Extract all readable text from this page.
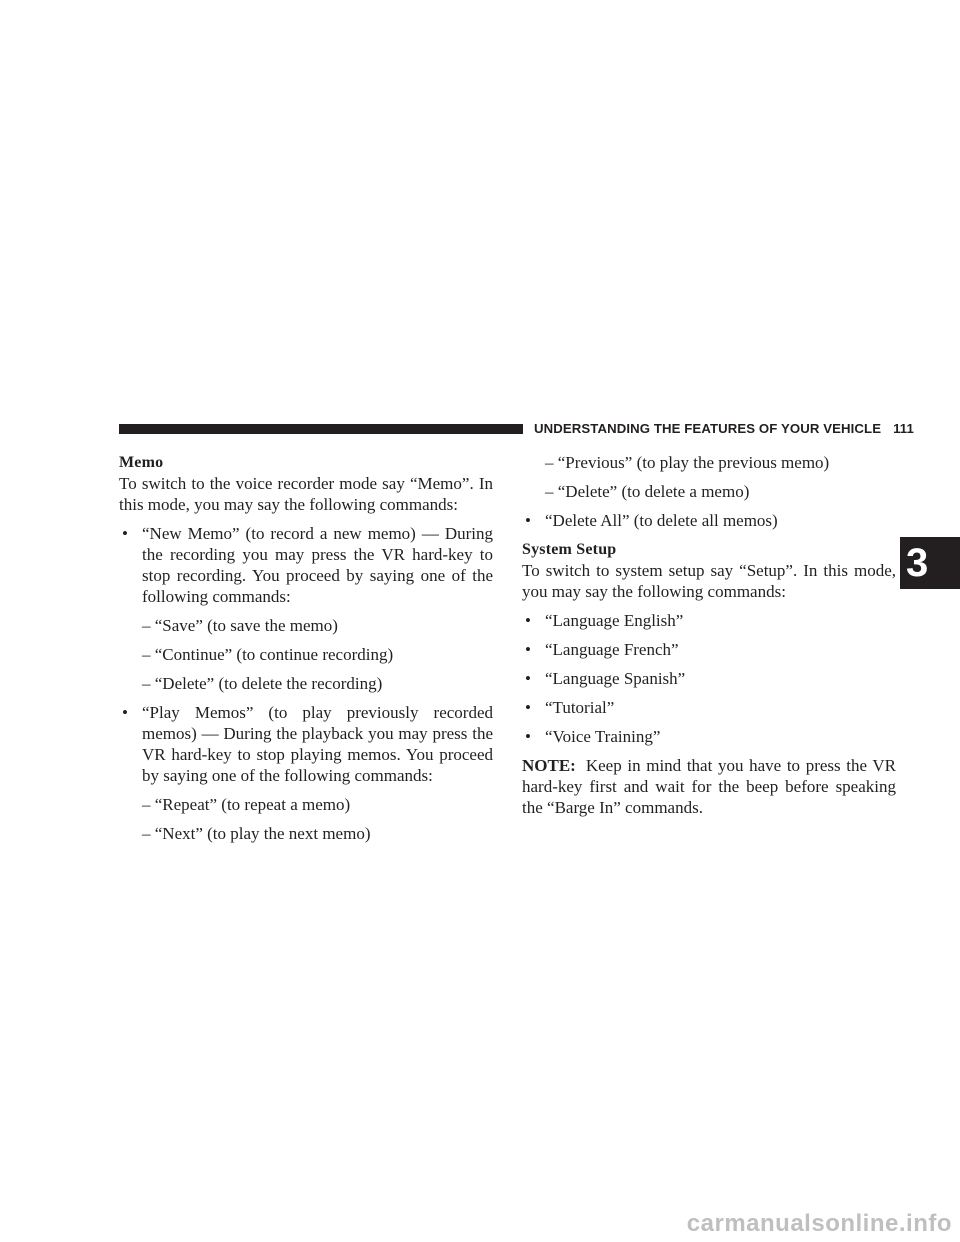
UNDERSTANDING THE FEATURES OF YOUR VEHICLE 111
3
Memo

To switch to the voice recorder mode say “Memo”. In this mode, you may say the following commands:

• “New Memo” (to record a new memo) — During the recording you may press the VR hard-key to stop recording. You proceed by saying one of the following commands:
– “Save” (to save the memo)
– “Continue” (to continue recording)
– “Delete” (to delete the recording)
• “Play Memos” (to play previously recorded memos) — During the playback you may press the VR hard-key to stop playing memos. You proceed by saying one of the following commands:
– “Repeat” (to repeat a memo)
– “Next” (to play the next memo)
– “Previous” (to play the previous memo)
– “Delete” (to delete a memo)
• “Delete All” (to delete all memos)
System Setup

To switch to system setup say “Setup”. In this mode, you may say the following commands:

• “Language English”
• “Language French”
• “Language Spanish”
• “Tutorial”
• “Voice Training”

NOTE: Keep in mind that you have to press the VR hard-key first and wait for the beep before speaking the “Barge In” commands.

carmanualsonline.info
